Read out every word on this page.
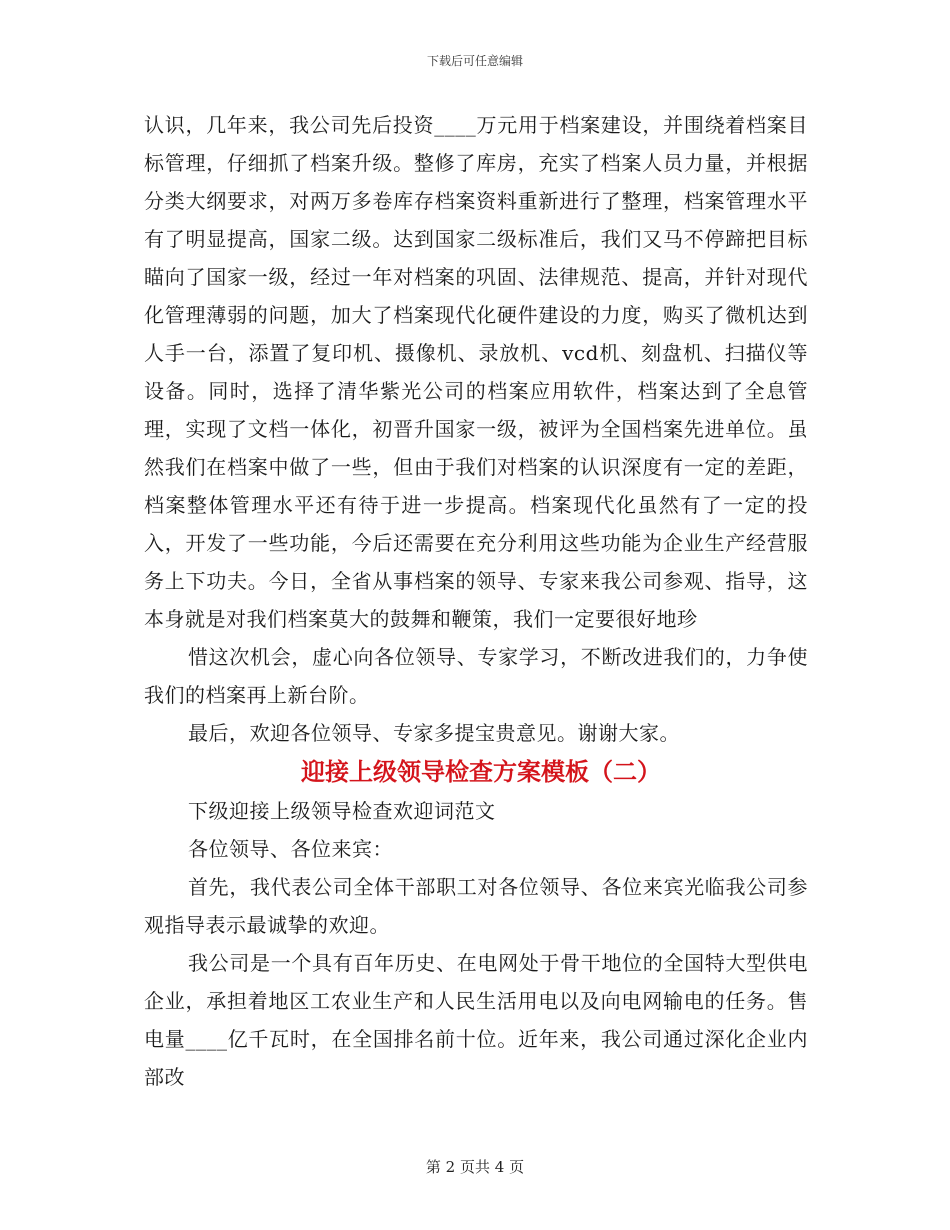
下载后可任意编辑

认识，几年来，我公司先后投资____万元用于档案建设，并围绕着档案目标管理，仔细抓了档案升级。整修了库房，充实了档案人员力量，并根据分类大纲要求，对两万多卷库存档案资料重新进行了整理，档案管理水平有了明显提高，国家二级。达到国家二级标准后，我们又马不停蹄把目标瞄向了国家一级，经过一年对档案的巩固、法律规范、提高，并针对现代化管理薄弱的问题，加大了档案现代化硬件建设的力度，购买了微机达到人手一台，添置了复印机、摄像机、录放机、vcd机、刻盘机、扫描仪等设备。同时，选择了清华紫光公司的档案应用软件，档案达到了全息管理，实现了文档一体化，初晋升国家一级，被评为全国档案先进单位。虽然我们在档案中做了一些，但由于我们对档案的认识深度有一定的差距，档案整体管理水平还有待于进一步提高。档案现代化虽然有了一定的投入，开发了一些功能，今后还需要在充分利用这些功能为企业生产经营服务上下功夫。今日，全省从事档案的领导、专家来我公司参观、指导，这本身就是对我们档案莫大的鼓舞和鞭策，我们一定要很好地珍

惜这次机会，虚心向各位领导、专家学习，不断改进我们的，力争使我们的档案再上新台阶。

最后，欢迎各位领导、专家多提宝贵意见。谢谢大家。

迎接上级领导检查方案模板（二）

下级迎接上级领导检查欢迎词范文

各位领导、各位来宾：

首先，我代表公司全体干部职工对各位领导、各位来宾光临我公司参观指导表示最诚挚的欢迎。

我公司是一个具有百年历史、在电网处于骨干地位的全国特大型供电企业，承担着地区工农业生产和人民生活用电以及向电网输电的任务。售电量____亿千瓦时，在全国排名前十位。近年来，我公司通过深化企业内部改

第 2 页共 4 页
